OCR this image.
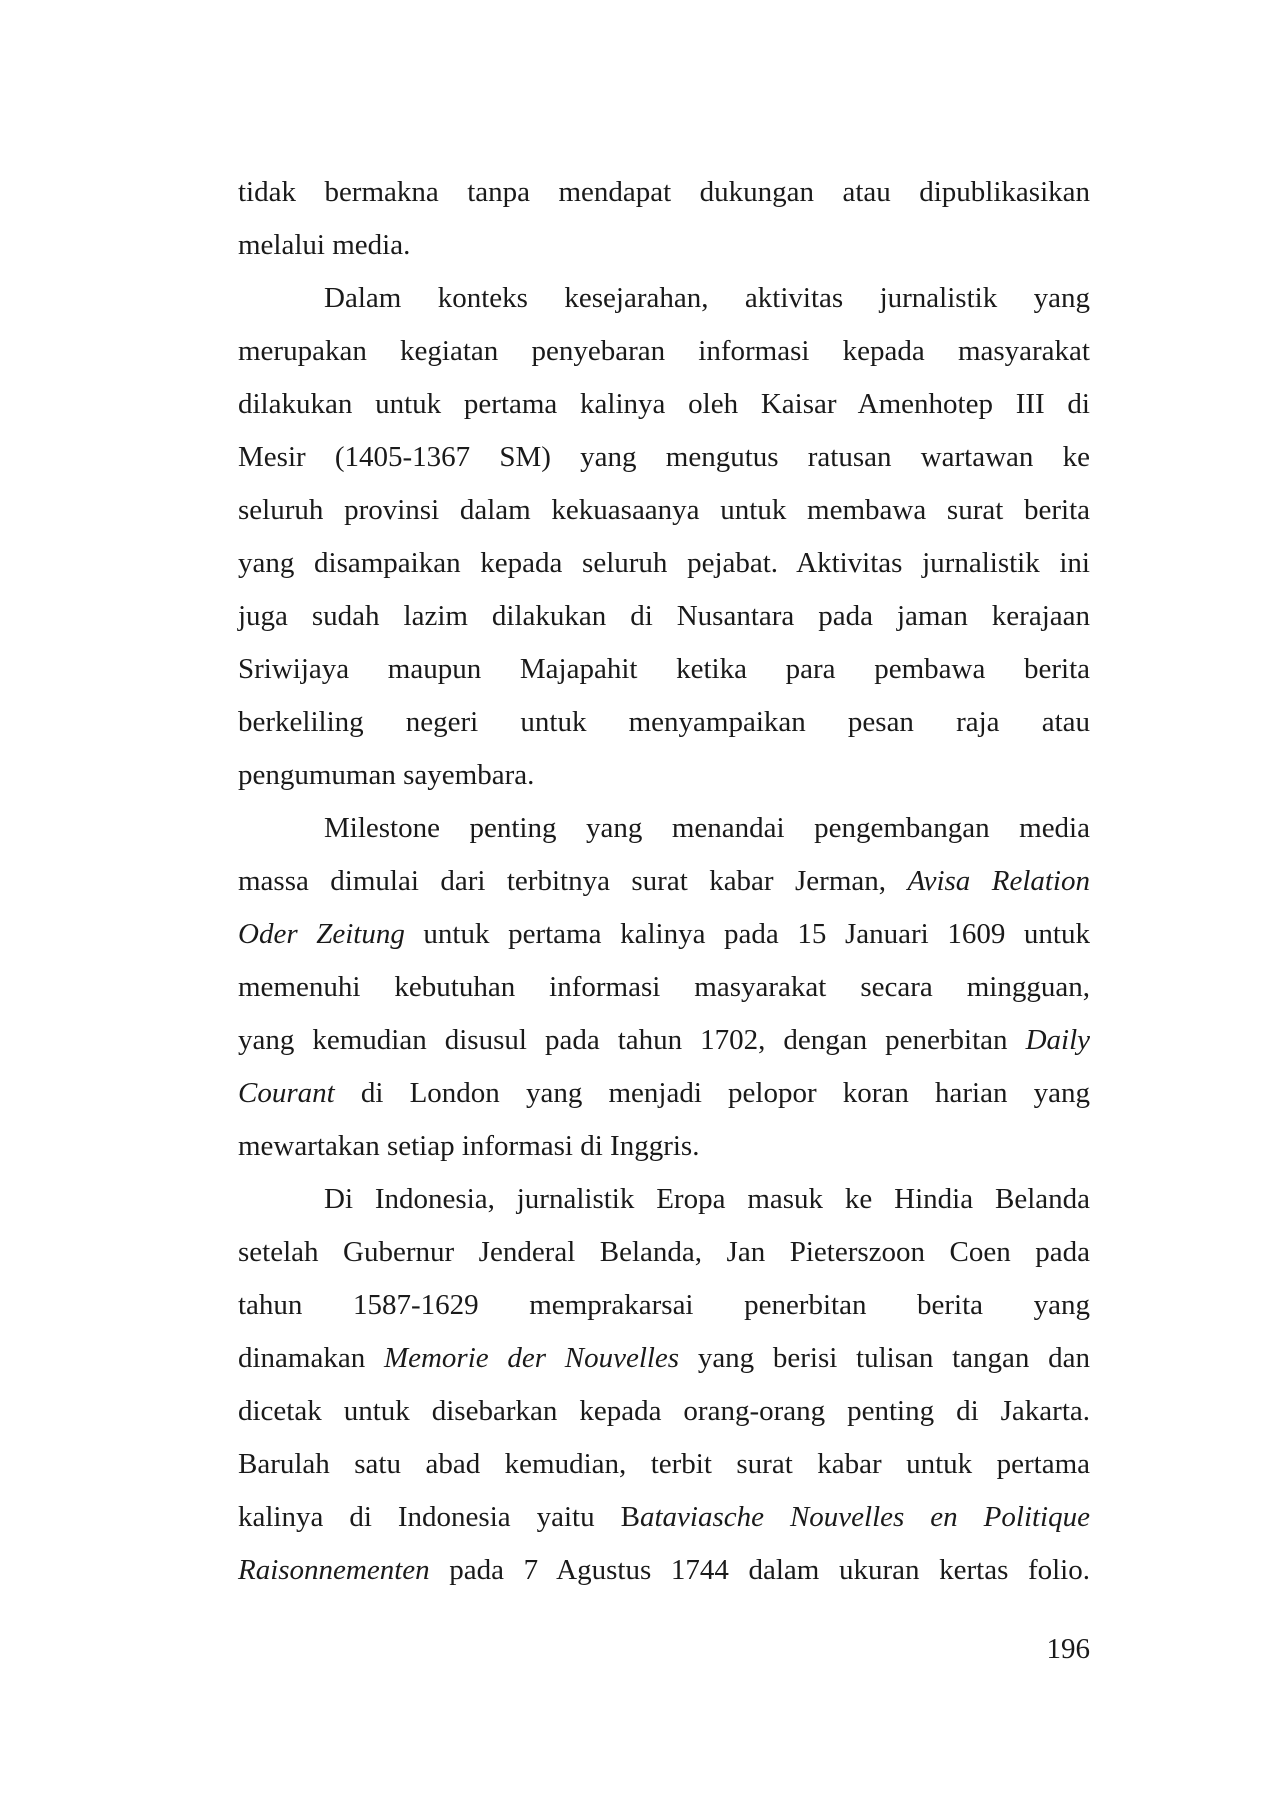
tidak bermakna tanpa mendapat dukungan atau dipublikasikan
melalui media.
Dalam konteks kesejarahan, aktivitas jurnalistik yang
merupakan kegiatan penyebaran informasi kepada masyarakat
dilakukan untuk pertama kalinya oleh Kaisar Amenhotep III di
Mesir (1405-1367 SM) yang mengutus ratusan wartawan ke
seluruh provinsi dalam kekuasaanya untuk membawa surat berita
yang disampaikan kepada seluruh pejabat. Aktivitas jurnalistik ini
juga sudah lazim dilakukan di Nusantara pada jaman kerajaan
Sriwijaya maupun Majapahit ketika para pembawa berita
berkeliling negeri untuk menyampaikan pesan raja atau
pengumuman sayembara.
Milestone penting yang menandai pengembangan media
massa dimulai dari terbitnya surat kabar Jerman, Avisa Relation
Oder Zeitung untuk pertama kalinya pada 15 Januari 1609 untuk
memenuhi kebutuhan informasi masyarakat secara mingguan,
yang kemudian disusul pada tahun 1702, dengan penerbitan Daily
Courant di London yang menjadi pelopor koran harian yang
mewartakan setiap informasi di Inggris.
Di Indonesia, jurnalistik Eropa masuk ke Hindia Belanda
setelah Gubernur Jenderal Belanda, Jan Pieterszoon Coen pada
tahun 1587-1629 memprakarsai penerbitan berita yang
dinamakan Memorie der Nouvelles yang berisi tulisan tangan dan
dicetak untuk disebarkan kepada orang-orang penting di Jakarta.
Barulah satu abad kemudian, terbit surat kabar untuk pertama
kalinya di Indonesia yaitu Bataviasche Nouvelles en Politique
Raisonnementen pada 7 Agustus 1744 dalam ukuran kertas folio.
196
